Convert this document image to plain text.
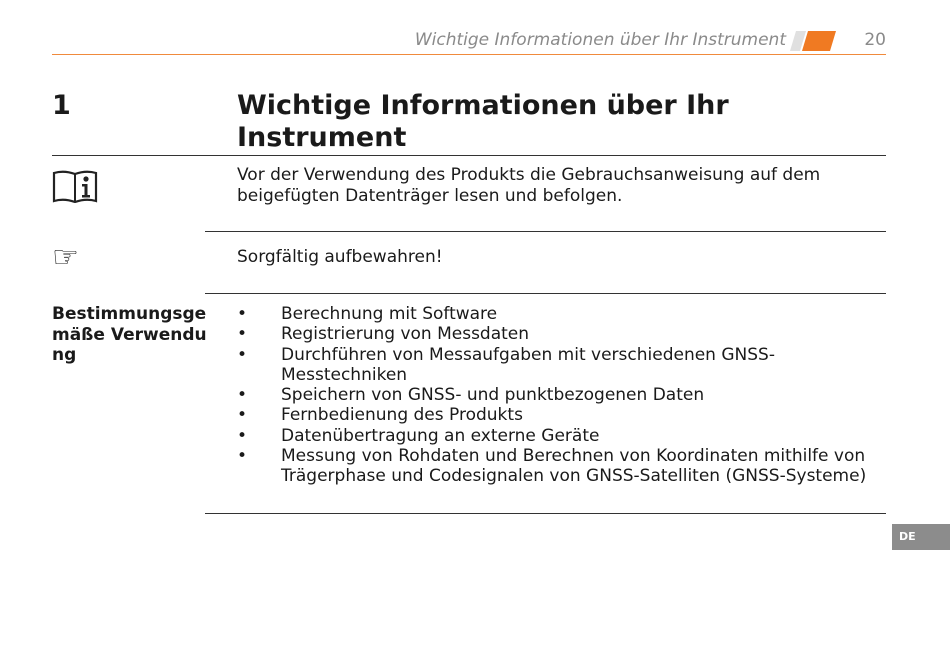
Wichtige Informationen über Ihr Instrument	20
1	Wichtige Informationen über Ihr Instrument
Vor der Verwendung des Produkts die Gebrauchsanweisung auf dem beigefügten Datenträger lesen und befolgen.
☞	Sorgfältig aufbewahren!
Bestimmungsgemäße Verwendung
• Berechnung mit Software
• Registrierung von Messdaten
• Durchführen von Messaufgaben mit verschiedenen GNSS-Messtechniken
• Speichern von GNSS- und punktbezogenen Daten
• Fernbedienung des Produkts
• Datenübertragung an externe Geräte
• Messung von Rohdaten und Berechnen von Koordinaten mithilfe von Trägerphase und Codesignalen von GNSS-Satelliten (GNSS-Systeme)
DE
